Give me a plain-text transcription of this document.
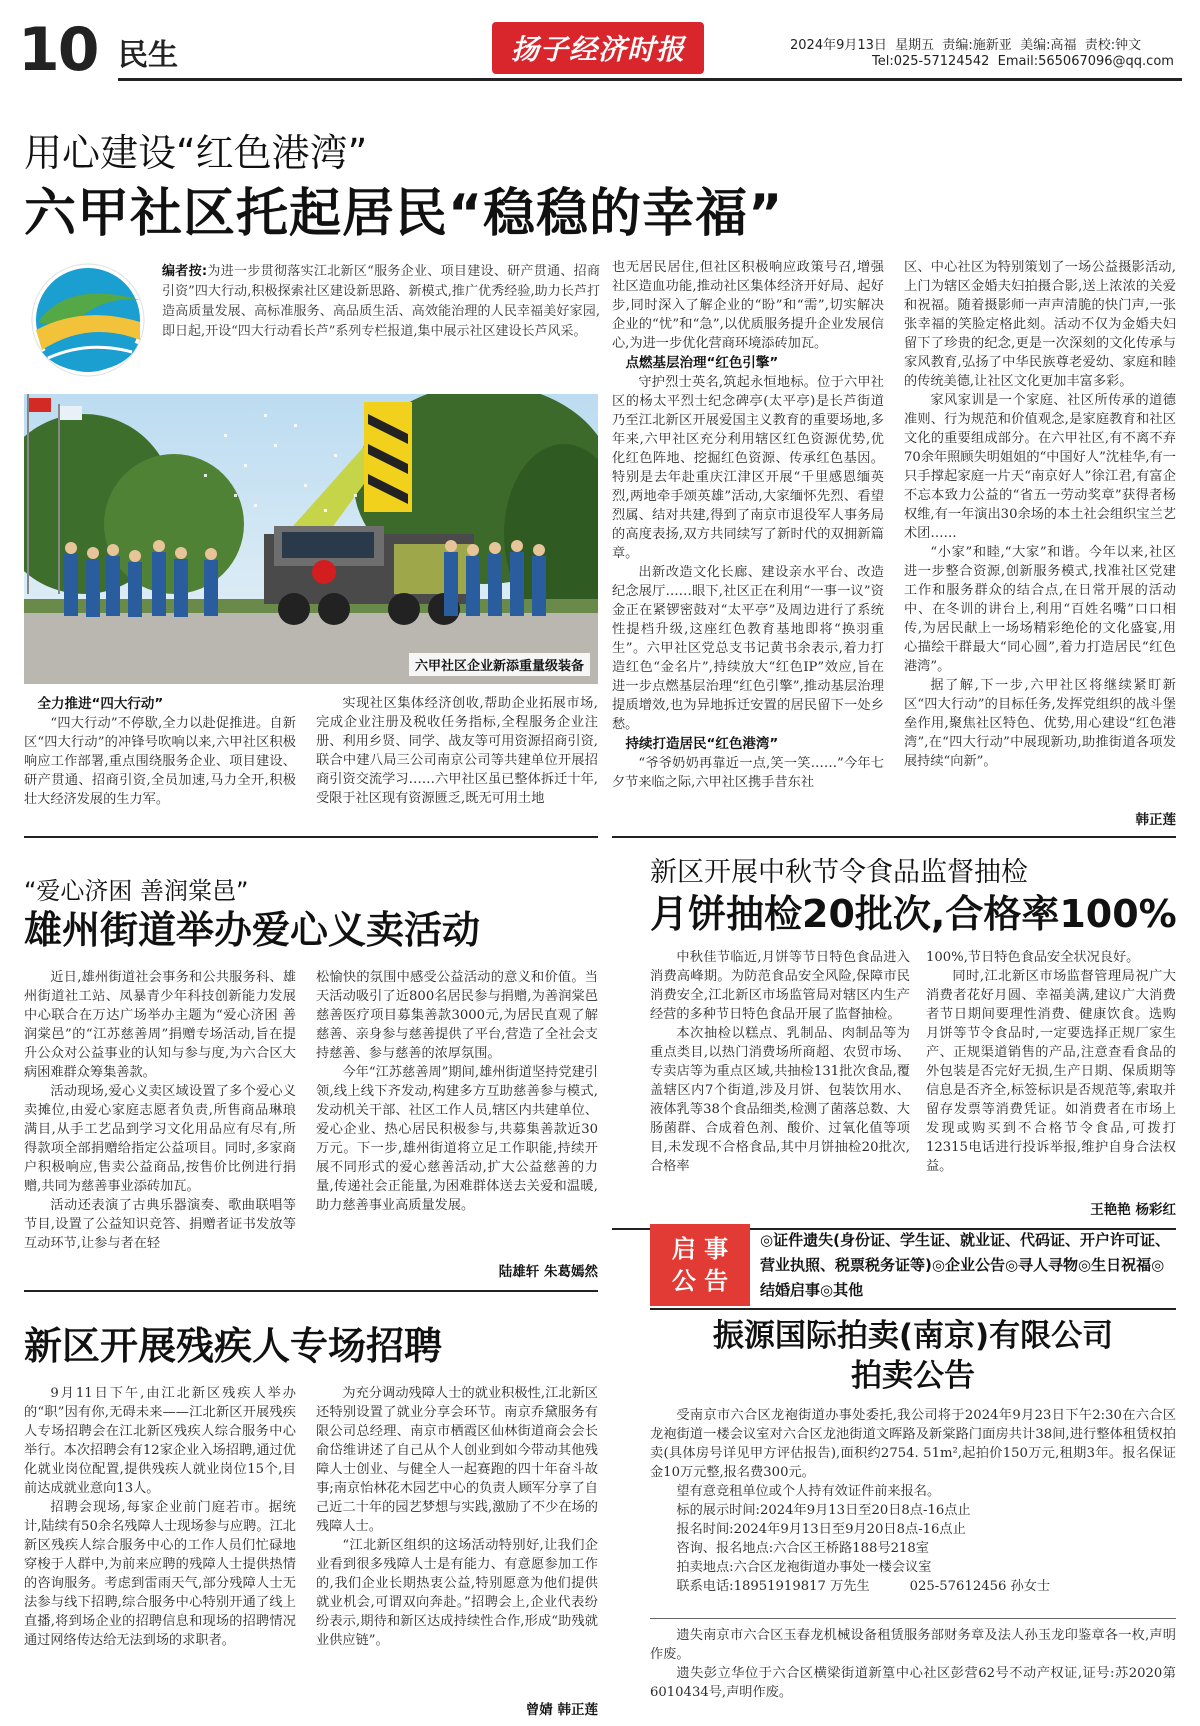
10 民生	扬子经济时报	2024年9月13日  星期五  责编:施新亚  美编:高福  责校:钟文
Tel:025-57124542  Email:565067096@qq.com
用心建设“红色港湾”
六甲社区托起居民“稳稳的幸福”
编者按:为进一步贯彻落实江北新区“服务企业、项目建设、研产贯通、招商引资”四大行动,积极探索社区建设新思路、新模式,推广优秀经验,助力长芦打造高质量发展、高标准服务、高品质生活、高效能治理的人民幸福美好家园,即日起,开设“四大行动看长芦”系列专栏报道,集中展示社区建设长芦风采。
六甲社区企业新添重量级装备
全力推进“四大行动”

“四大行动”不停歇,全力以赴促推进。自新区“四大行动”的冲锋号吹响以来,六甲社区积极响应工作部署,重点围绕服务企业、项目建设、研产贯通、招商引资,全员加速,马力全开,积极壮大经济发展的生力军。

实现社区集体经济创收,帮助企业拓展市场,完成企业注册及税收任务指标,全程服务企业注册、利用乡贤、同学、战友等可用资源招商引资,联合中建八局三公司南京公司等共建单位开展招商引资交流学习……六甲社区虽已整体拆迁十年,受限于社区现有资源匮乏,既无可用土地

也无居民居住,但社区积极响应政策号召,增强社区造血功能,推动社区集体经济开好局、起好步,同时深入了解企业的“盼”和“需”,切实解决企业的“忧”和“急”,以优质服务提升企业发展信心,为进一步优化营商环境添砖加瓦。

点燃基层治理“红色引擎”

守护烈士英名,筑起永恒地标。位于六甲社区的杨太平烈士纪念碑亭(太平亭)是长芦街道乃至江北新区开展爱国主义教育的重要场地,多年来,六甲社区充分利用辖区红色资源优势,优化红色阵地、挖掘红色资源、传承红色基因。特别是去年赴重庆江津区开展“千里感恩缅英烈,两地牵手颂英雄”活动,大家缅怀先烈、看望烈属、结对共建,得到了南京市退役军人事务局的高度表扬,双方共同续写了新时代的双拥新篇章。

出新改造文化长廊、建设亲水平台、改造纪念展厅……眼下,社区正在利用“一事一议”资金正在紧锣密鼓对“太平亭”及周边进行了系统性提档升级,这座红色教育基地即将“换羽重生”。六甲社区党总支书记黄书余表示,着力打造红色“金名片”,持续放大“红色IP”效应,旨在进一步点燃基层治理“红色引擎”,推动基层治理提质增效,也为异地拆迁安置的居民留下一处乡愁。

持续打造居民“红色港湾”

“爷爷奶奶再靠近一点,笑一笑……”今年七夕节来临之际,六甲社区携手昔东社

区、中心社区为特别策划了一场公益摄影活动,上门为辖区金婚夫妇拍摄合影,送上浓浓的关爱和祝福。随着摄影师一声声清脆的快门声,一张张幸福的笑脸定格此刻。活动不仅为金婚夫妇留下了珍贵的纪念,更是一次深刻的文化传承与家风教育,弘扬了中华民族尊老爱幼、家庭和睦的传统美德,让社区文化更加丰富多彩。

家风家训是一个家庭、社区所传承的道德准则、行为规范和价值观念,是家庭教育和社区文化的重要组成部分。在六甲社区,有不离不弃70余年照顾失明姐姐的“中国好人”沈桂华,有一只手撑起家庭一片天“南京好人”徐江君,有富企不忘本致力公益的“省五一劳动奖章”获得者杨权维,有一年演出30余场的本土社会组织宝兰艺术团……

“小家”和睦,“大家”和谐。今年以来,社区进一步整合资源,创新服务模式,找准社区党建工作和服务群众的结合点,在日常开展的活动中、在冬训的讲台上,利用“百姓名嘴”口口相传,为居民献上一场场精彩绝伦的文化盛宴,用心描绘干群最大“同心圆”,着力打造居民“红色港湾”。

据了解,下一步,六甲社区将继续紧盯新区“四大行动”的目标任务,发挥党组织的战斗堡垒作用,聚焦社区特色、优势,用心建设“红色港湾”,在“四大行动”中展现新功,助推街道各项发展持续“向新”。

韩正莲
“爱心济困 善润棠邑”
雄州街道举办爱心义卖活动

近日,雄州街道社会事务和公共服务科、雄州街道社工站、凤暴青少年科技创新能力发展中心联合在万达广场举办主题为“爱心济困 善润棠邑”的“江苏慈善周”捐赠专场活动,旨在提升公众对公益事业的认知与参与度,为六合区大病困难群众筹集善款。

活动现场,爱心义卖区域设置了多个爱心义卖摊位,由爱心家庭志愿者负责,所售商品琳琅满目,从手工艺品到学习文化用品应有尽有,所得款项全部捐赠给指定公益项目。同时,多家商户积极响应,售卖公益商品,按售价比例进行捐赠,共同为慈善事业添砖加瓦。

活动还表演了古典乐器演奏、歌曲联唱等节目,设置了公益知识竞答、捐赠者证书发放等互动环节,让参与者在轻

松愉快的氛围中感受公益活动的意义和价值。当天活动吸引了近800名居民参与捐赠,为善润棠邑慈善医疗项目募集善款3000元,为居民直观了解慈善、亲身参与慈善提供了平台,营造了全社会支持慈善、参与慈善的浓厚氛围。

今年“江苏慈善周”期间,雄州街道坚持党建引领,线上线下齐发动,构建多方互助慈善参与模式,发动机关干部、社区工作人员,辖区内共建单位、爱心企业、热心居民积极参与,共募集善款近30万元。下一步,雄州街道将立足工作职能,持续开展不同形式的爱心慈善活动,扩大公益慈善的力量,传递社会正能量,为困难群体送去关爱和温暖,助力慈善事业高质量发展。

陆雄轩 朱葛嫣然
新区开展中秋节令食品监督抽检
月饼抽检20批次,合格率100%

中秋佳节临近,月饼等节日特色食品进入消费高峰期。为防范食品安全风险,保障市民消费安全,江北新区市场监管局对辖区内生产经营的多种节日特色食品开展了监督抽检。

本次抽检以糕点、乳制品、肉制品等为重点类目,以热门消费场所商超、农贸市场、专卖店等为重点区域,共抽检131批次食品,覆盖辖区内7个街道,涉及月饼、包装饮用水、液体乳等38个食品细类,检测了菌落总数、大肠菌群、合成着色剂、酸价、过氧化值等项目,未发现不合格食品,其中月饼抽检20批次,合格率

100%,节日特色食品安全状况良好。

同时,江北新区市场监督管理局祝广大消费者花好月圆、幸福美满,建议广大消费者节日期间要理性消费、健康饮食。选购月饼等节令食品时,一定要选择正规厂家生产、正规渠道销售的产品,注意查看食品的外包装是否完好无损,生产日期、保质期等信息是否齐全,标签标识是否规范等,索取并留存发票等消费凭证。如消费者在市场上发现或购买到不合格节令食品,可拨打12315电话进行投诉举报,维护自身合法权益。

王艳艳 杨彩红
启 事
公 告
◎证件遗失(身份证、学生证、就业证、代码证、开户许可证、营业执照、税票税务证等)◎企业公告◎寻人寻物◎生日祝福◎结婚启事◎其他
振源国际拍卖(南京)有限公司
拍卖公告

受南京市六合区龙袍街道办事处委托,我公司将于2024年9月23日下午2:30在六合区龙袍街道一楼会议室对六合区龙池街道文晖路及新棠路门面房共计38间,进行整体租赁权拍卖(具体房号详见甲方评估报告),面积约2754. 51m²,起拍价150万元,租期3年。报名保证金10万元整,报名费300元。

望有意竞租单位或个人持有效证件前来报名。

标的展示时间:2024年9月13日至20日8点-16点止

报名时间:2024年9月13日至9月20日8点-16点止

咨询、报名地点:六合区王桥路188号218室

拍卖地点:六合区龙袍街道办事处一楼会议室

联系电话:18951919817 万先生	025-57612456 孙女士

遗失南京市六合区玉春龙机械设备租赁服务部财务章及法人孙玉龙印鉴章各一枚,声明作废。

遗失彭立华位于六合区横梁街道新篁中心社区彭营62号不动产权证,证号:苏2020第6010434号,声明作废。

新区开展残疾人专场招聘

9月11日下午,由江北新区残疾人举办的“职”因有你,无碍未来——江北新区开展残疾人专场招聘会在江北新区残疾人综合服务中心举行。本次招聘会有12家企业入场招聘,通过优化就业岗位配置,提供残疾人就业岗位15个,目前达成就业意向13人。

招聘会现场,每家企业前门庭若市。据统计,陆续有50余名残障人士现场参与应聘。江北新区残疾人综合服务中心的工作人员们忙碌地穿梭于人群中,为前来应聘的残障人士提供热情的咨询服务。考虑到雷雨天气,部分残障人士无法参与线下招聘,综合服务中心特别开通了线上直播,将到场企业的招聘信息和现场的招聘情况通过网络传达给无法到场的求职者。

为充分调动残障人士的就业积极性,江北新区还特别设置了就业分享会环节。南京乔黛服务有限公司总经理、南京市栖霞区仙林街道商会会长俞岱维讲述了自己从个人创业到如今带动其他残障人士创业、与健全人一起赛跑的四十年奋斗故事;南京怡林花木园艺中心的负责人顾军分享了自己近二十年的园艺梦想与实践,激励了不少在场的残障人士。

“江北新区组织的这场活动特别好,让我们企业看到很多残障人士是有能力、有意愿参加工作的,我们企业长期热衷公益,特别愿意为他们提供就业机会,可谓双向奔赴。”招聘会上,企业代表纷纷表示,期待和新区达成持续性合作,形成“助残就业供应链”。

曾婧 韩正莲
